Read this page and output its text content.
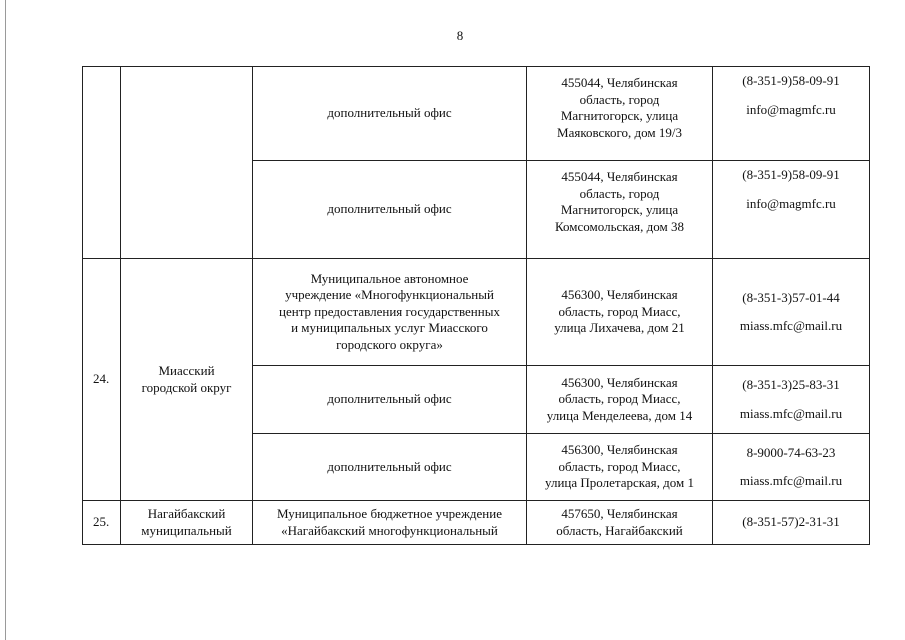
8
		дополнительный офис	455044, Челябинская
область, город
Магнитогорск, улица
Маяковского, дом 19/3	(8-351-9)58-09-91
info@magmfc.ru

		дополнительный офис	455044, Челябинская
область, город
Магнитогорск, улица
Комсомольская, дом 38	(8-351-9)58-09-91
info@magmfc.ru

24.	Миасский
городской округ	Муниципальное автономное
учреждение «Многофункциональный
центр предоставления государственных
и муниципальных услуг Миасского
городского округа»	456300, Челябинская
область, город Миасс,
улица Лихачева, дом 21	(8-351-3)57-01-44
miass.mfc@mail.ru

		дополнительный офис	456300, Челябинская
область, город Миасс,
улица Менделеева, дом 14	(8-351-3)25-83-31
miass.mfc@mail.ru

		дополнительный офис	456300, Челябинская
область, город Миасс,
улица Пролетарская, дом 1	8-9000-74-63-23
miass.mfc@mail.ru

25.	Нагайбакский
муниципальный	Муниципальное бюджетное учреждение
«Нагайбакский многофункциональный	457650, Челябинская
область, Нагайбакский	(8-351-57)2-31-31
